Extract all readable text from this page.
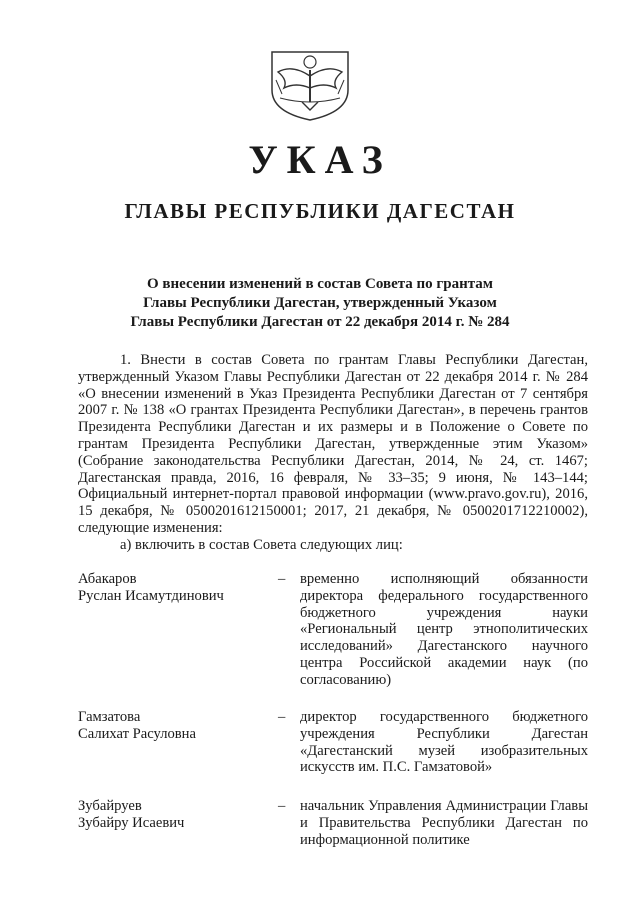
УКАЗ
ГЛАВЫ РЕСПУБЛИКИ ДАГЕСТАН
О внесении изменений в состав Совета по грантам
Главы Республики Дагестан, утвержденный Указом
Главы Республики Дагестан от 22 декабря 2014 г. № 284

1. Внести в состав Совета по грантам Главы Республики Дагестан, утвержденный Указом Главы Республики Дагестан от 22 декабря 2014 г. № 284 «О внесении изменений в Указ Президента Республики Дагестан от 7 сентября 2007 г. № 138 «О грантах Президента Республики Дагестан», в перечень грантов Президента Республики Дагестан и их размеры и в Положение о Совете по грантам Президента Республики Дагестан, утвержденные этим Указом» (Собрание законодательства Республики Дагестан, 2014, № 24, ст. 1467; Дагестанская правда, 2016, 16 февраля, № 33–35; 9 июня, № 143–144; Официальный интернет-портал правовой информации (www.pravo.gov.ru), 2016, 15 декабря, № 0500201612150001; 2017, 21 декабря, № 0500201712210002), следующие изменения:

а) включить в состав Совета следующих лиц:

Абакаров
Руслан Исамутдинович
–	временно исполняющий обязанности директора федерального государственного бюджетного учреждения науки «Региональный центр этнополитических исследований» Дагестанского научного центра Российской академии наук (по согласованию)
Гамзатова
Салихат Расуловна
–	директор государственного бюджетного учреждения Республики Дагестан «Дагестанский музей изобразительных искусств им. П.С. Гамзатовой»
Зубайруев
Зубайру Исаевич
–	начальник Управления Администрации Главы и Правительства Республики Дагестан по информационной политике
